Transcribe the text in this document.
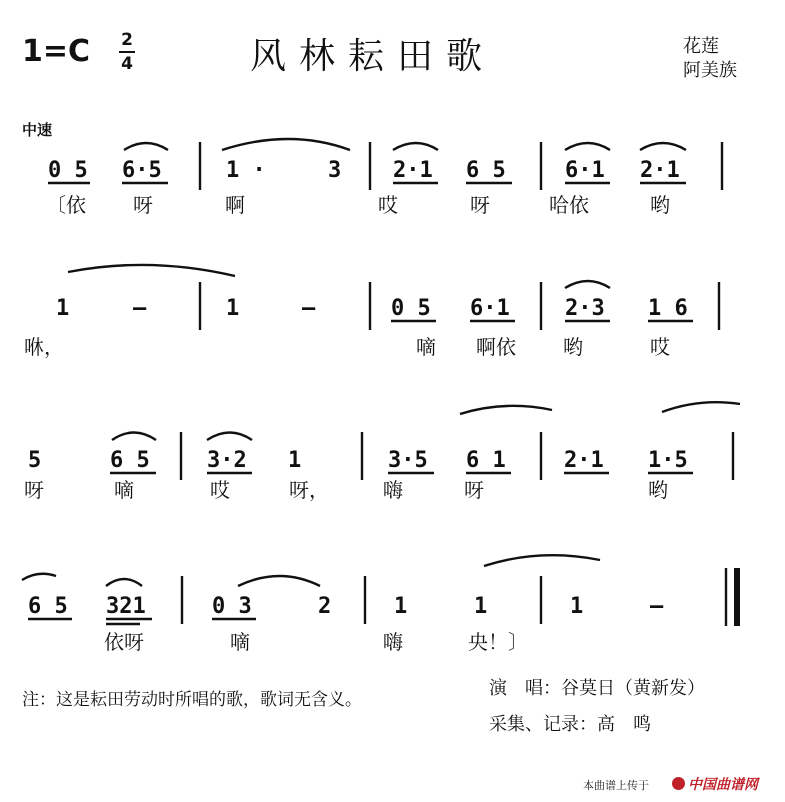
1=C 2
4	风林耘田歌	花莲
阿美族
中速
0 5 6·5	1 ·	3 2·1 6 5	6·1 2·1
〔依 呀	啊	哎	呀	哈依	哟
1	–	1	–	0 5 6·1	2·3 1 6
咻，	嘀 啊依 哟	哎
5	6 5	3·2 1	3·5 6 1	2·1 1·5
呀	嘀	哎	呀，	嗨	呀	哟
6 5 321	0 3	2	1	1	1	–
依呀	嘀	嗨	央！〕
注：这是耘田劳动时所唱的歌，歌词无含义。
演　唱：谷莫日（黄新发）
采集、记录：高　鸣
本曲谱上传于	中国曲谱网
